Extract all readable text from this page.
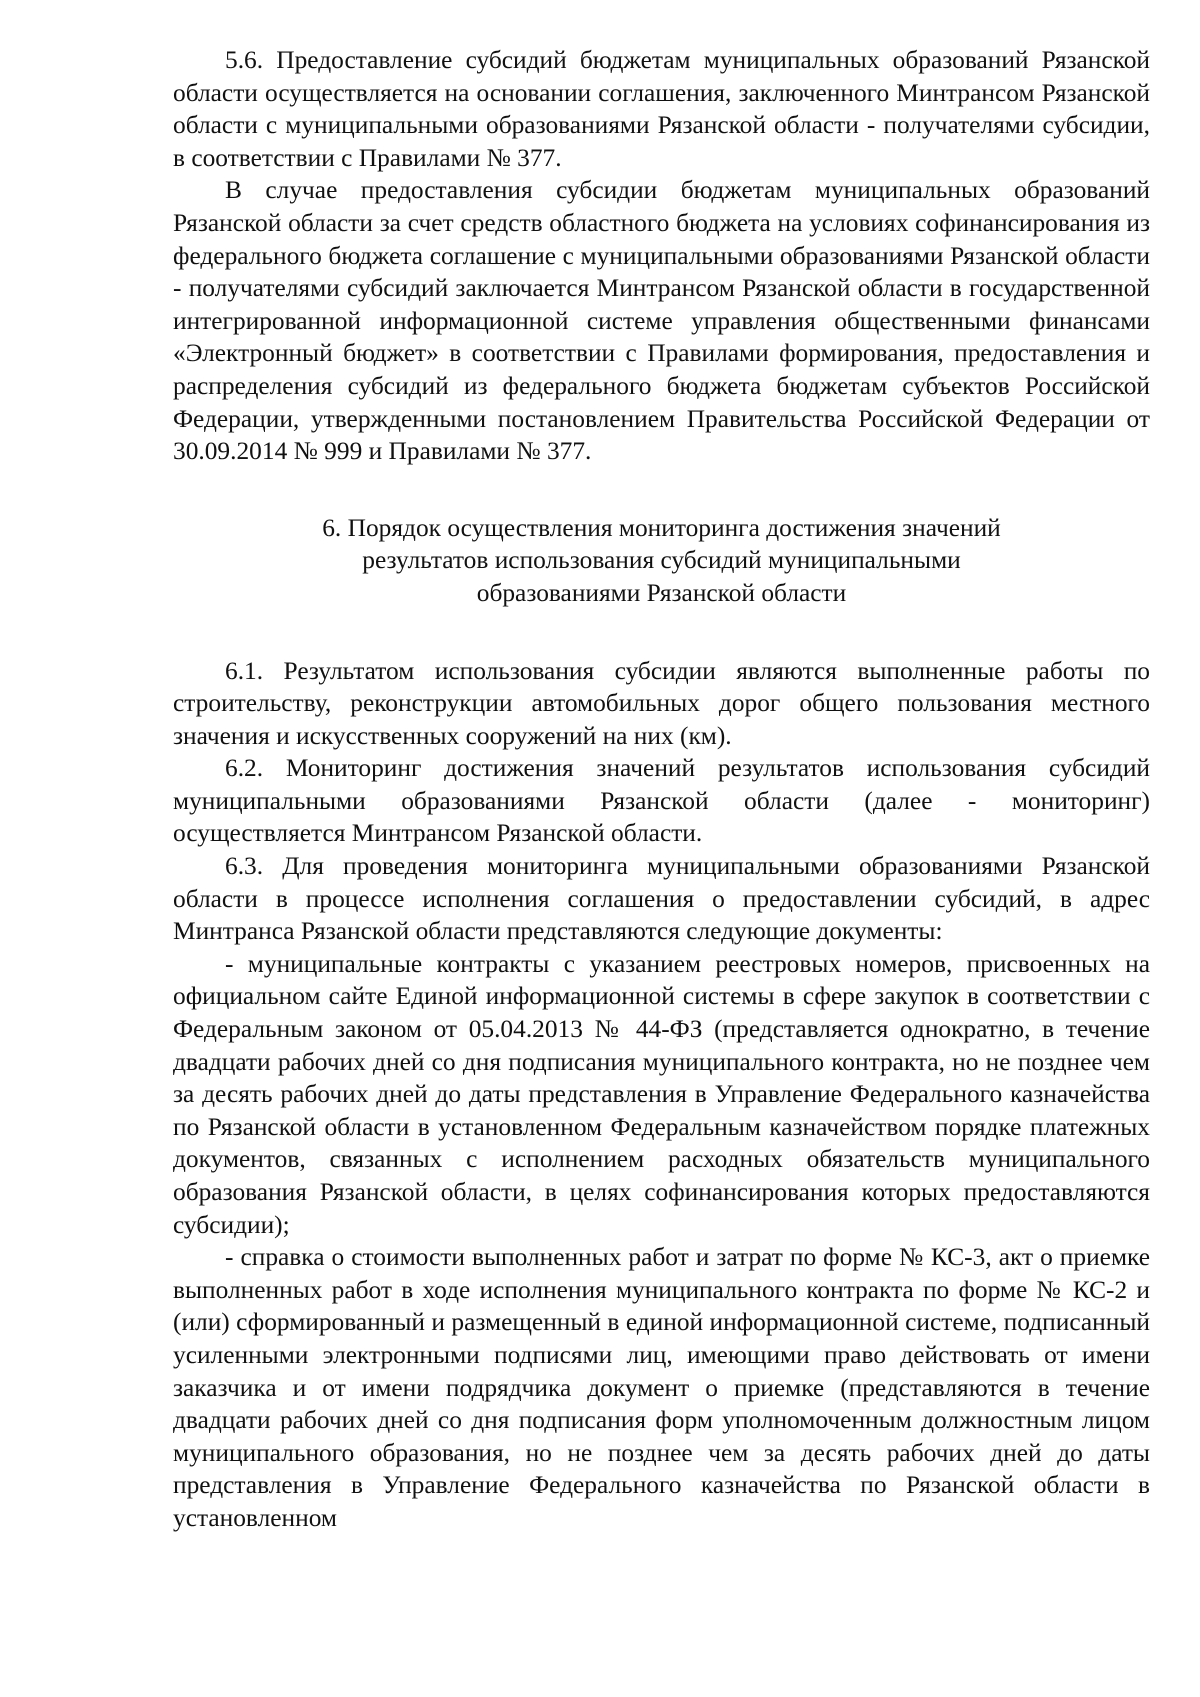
5.6. Предоставление субсидий бюджетам муниципальных образований Рязанской области осуществляется на основании соглашения, заключенного Минтрансом Рязанской области с муниципальными образованиями Рязанской области - получателями субсидии, в соответствии с Правилами № 377.

В случае предоставления субсидии бюджетам муниципальных образований Рязанской области за счет средств областного бюджета на условиях софинансирования из федерального бюджета соглашение с муниципальными образованиями Рязанской области - получателями субсидий заключается Минтрансом Рязанской области в государственной интегрированной информационной системе управления общественными финансами «Электронный бюджет» в соответствии с Правилами формирования, предоставления и распределения субсидий из федерального бюджета бюджетам субъектов Российской Федерации, утвержденными постановлением Правительства Российской Федерации от 30.09.2014 № 999 и Правилами № 377.

6. Порядок осуществления мониторинга достижения значений
результатов использования субсидий муниципальными
образованиями Рязанской области

6.1. Результатом использования субсидии являются выполненные работы по строительству, реконструкции автомобильных дорог общего пользования местного значения и искусственных сооружений на них (км).

6.2. Мониторинг достижения значений результатов использования субсидий муниципальными образованиями Рязанской области (далее - мониторинг) осуществляется Минтрансом Рязанской области.

6.3. Для проведения мониторинга муниципальными образованиями Рязанской области в процессе исполнения соглашения о предоставлении субсидий, в адрес Минтранса Рязанской области представляются следующие документы:

- муниципальные контракты с указанием реестровых номеров, присвоенных на официальном сайте Единой информационной системы в сфере закупок в соответствии с Федеральным законом от 05.04.2013 № 44-ФЗ (представляется однократно, в течение двадцати рабочих дней со дня подписания муниципального контракта, но не позднее чем за десять рабочих дней до даты представления в Управление Федерального казначейства по Рязанской области в установленном Федеральным казначейством порядке платежных документов, связанных с исполнением расходных обязательств муниципального образования Рязанской области, в целях софинансирования которых предоставляются субсидии);

- справка о стоимости выполненных работ и затрат по форме № КС-3, акт о приемке выполненных работ в ходе исполнения муниципального контракта по форме № КС-2 и (или) сформированный и размещенный в единой информационной системе, подписанный усиленными электронными подписями лиц, имеющими право действовать от имени заказчика и от имени подрядчика документ о приемке (представляются в течение двадцати рабочих дней со дня подписания форм уполномоченным должностным лицом муниципального образования, но не позднее чем за десять рабочих дней до даты представления в Управление Федерального казначейства по Рязанской области в установленном
